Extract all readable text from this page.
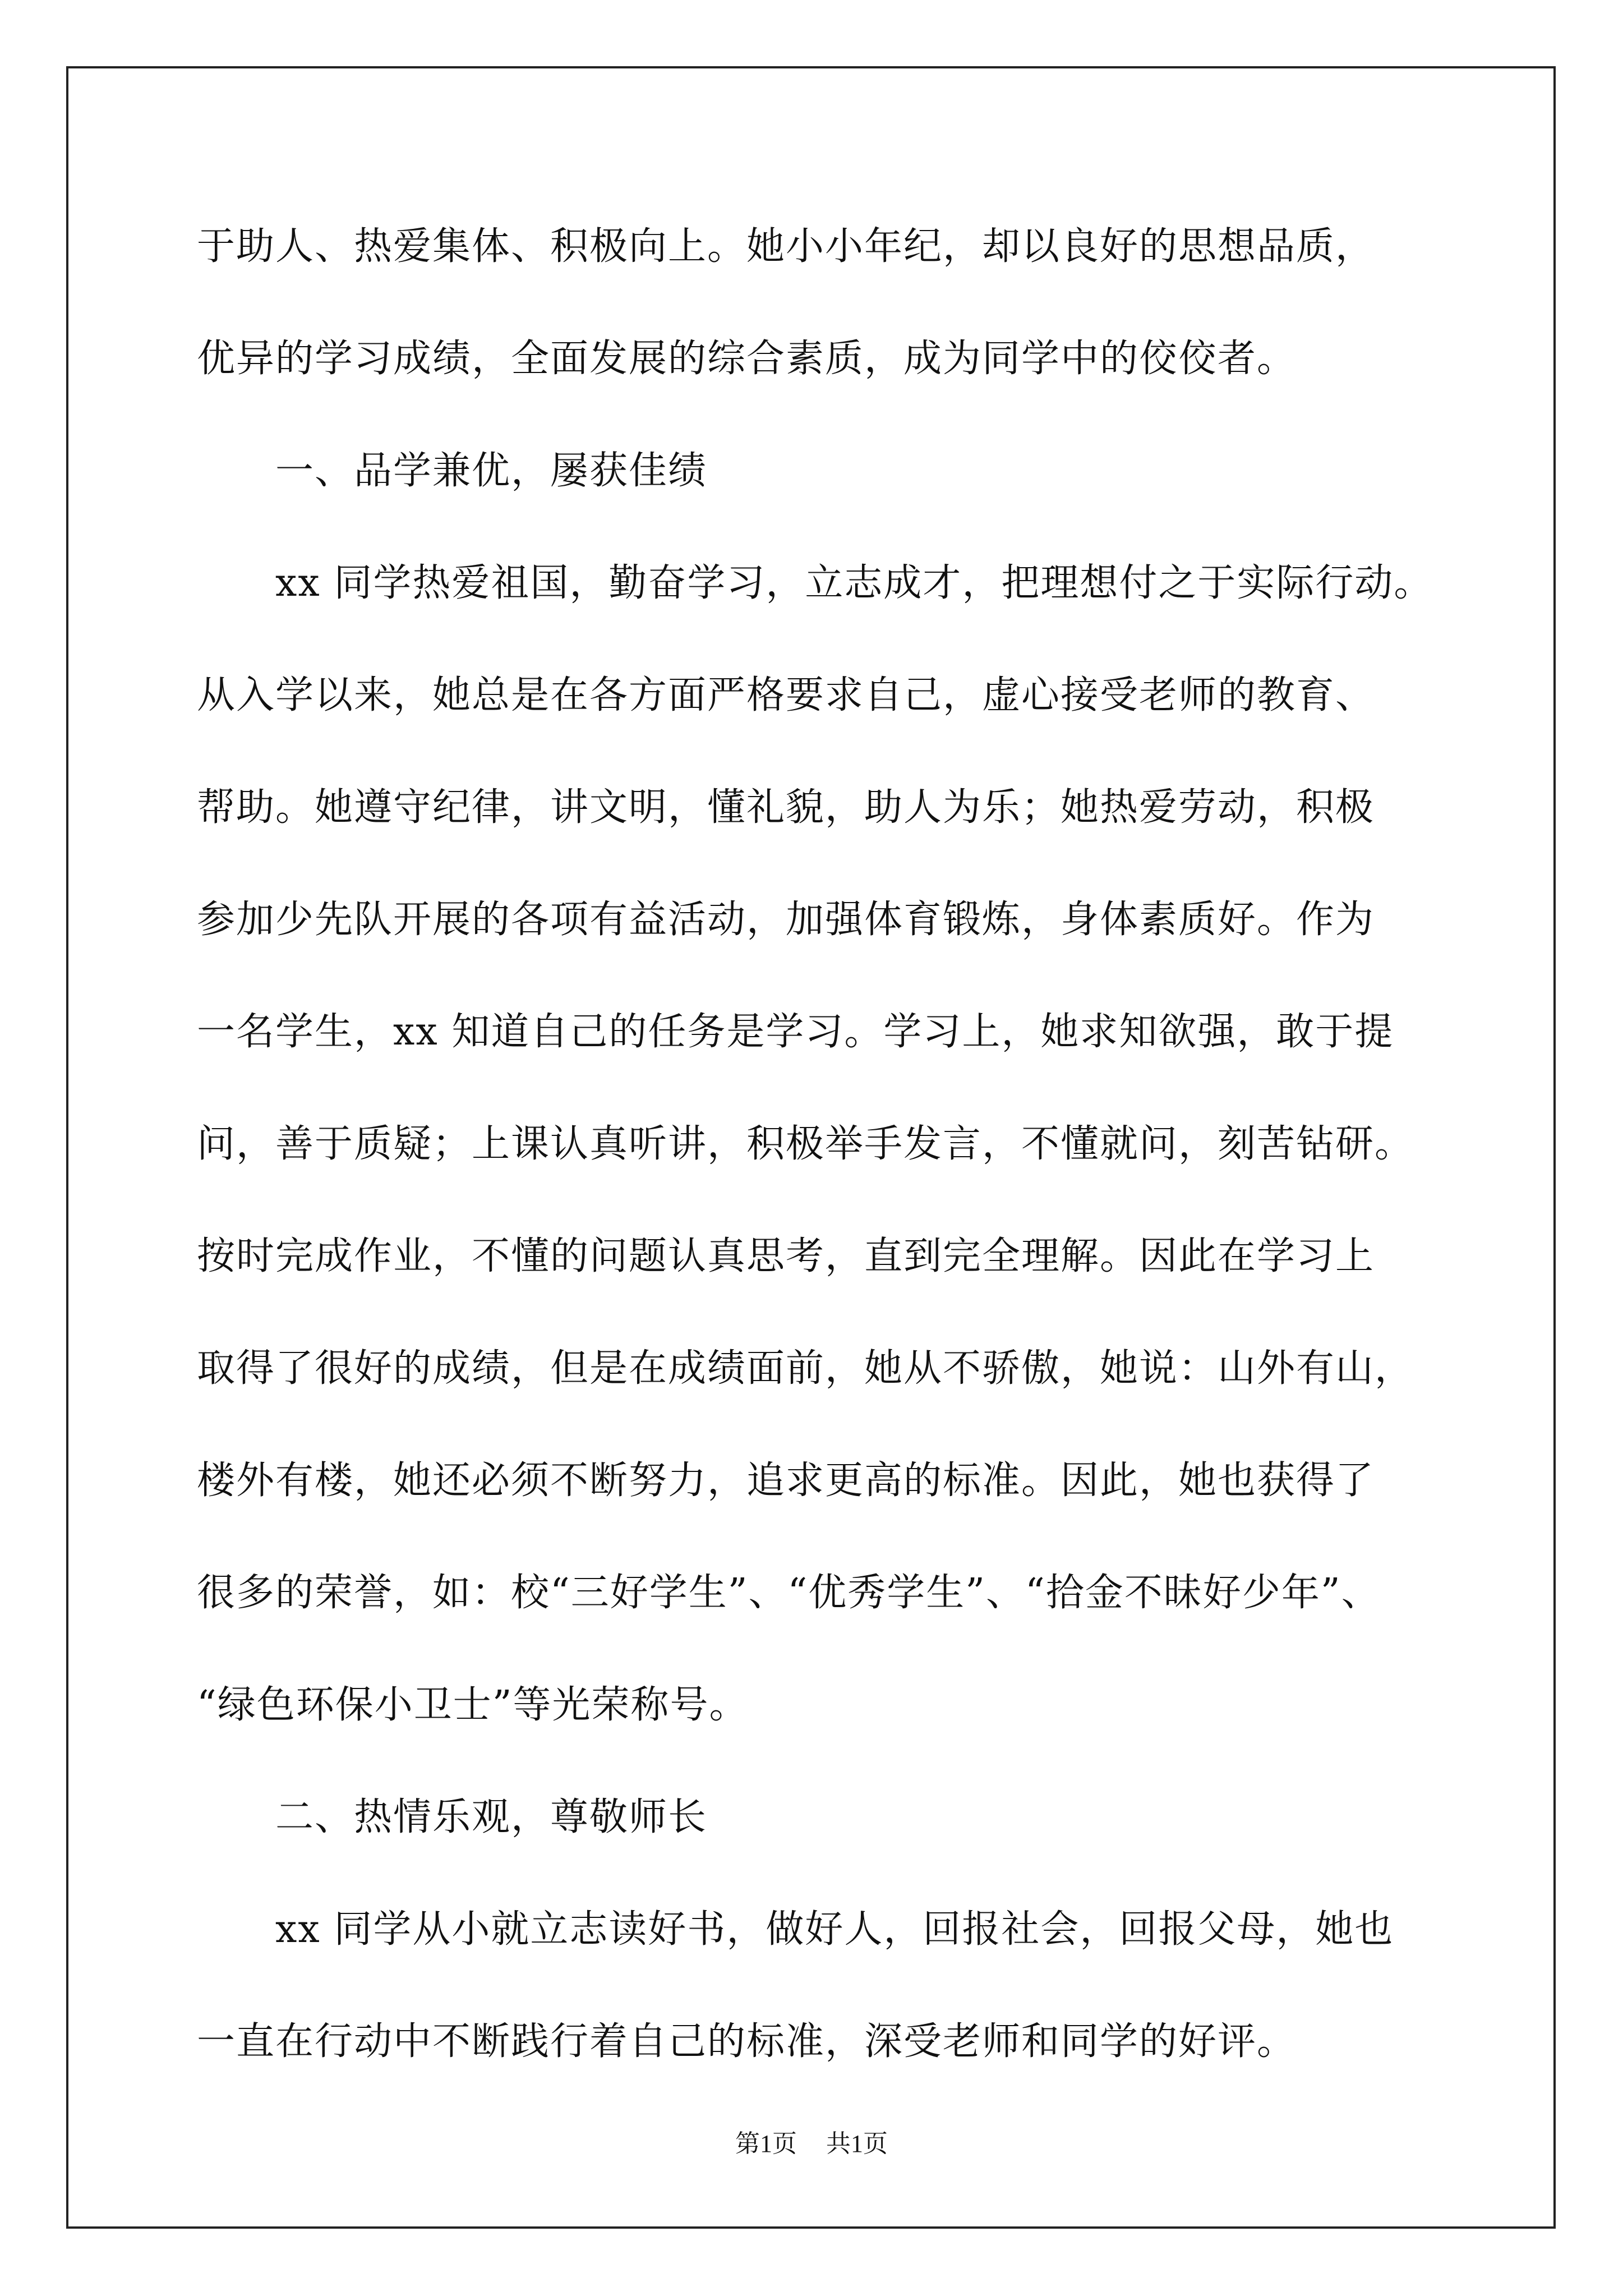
于助人、热爱集体、积极向上。她小小年纪，却以良好的思想品质，
优异的学习成绩，全面发展的综合素质，成为同学中的佼佼者。
一、品学兼优，屡获佳绩
xx 同学热爱祖国，勤奋学习，立志成才，把理想付之于实际行动。
从入学以来，她总是在各方面严格要求自己，虚心接受老师的教育、
帮助。她遵守纪律，讲文明，懂礼貌，助人为乐；她热爱劳动，积极
参加少先队开展的各项有益活动，加强体育锻炼，身体素质好。作为
一名学生，xx 知道自己的任务是学习。学习上，她求知欲强，敢于提
问，善于质疑；上课认真听讲，积极举手发言，不懂就问，刻苦钻研。
按时完成作业，不懂的问题认真思考，直到完全理解。因此在学习上
取得了很好的成绩，但是在成绩面前，她从不骄傲，她说：山外有山，
楼外有楼，她还必须不断努力，追求更高的标准。因此，她也获得了
很多的荣誉，如：校“三好学生”、“优秀学生”、“拾金不昧好少年”、
“绿色环保小卫士”等光荣称号。
二、热情乐观，尊敬师长
xx 同学从小就立志读好书，做好人，回报社会，回报父母，她也
一直在行动中不断践行着自己的标准，深受老师和同学的好评。
第1页 共1页
